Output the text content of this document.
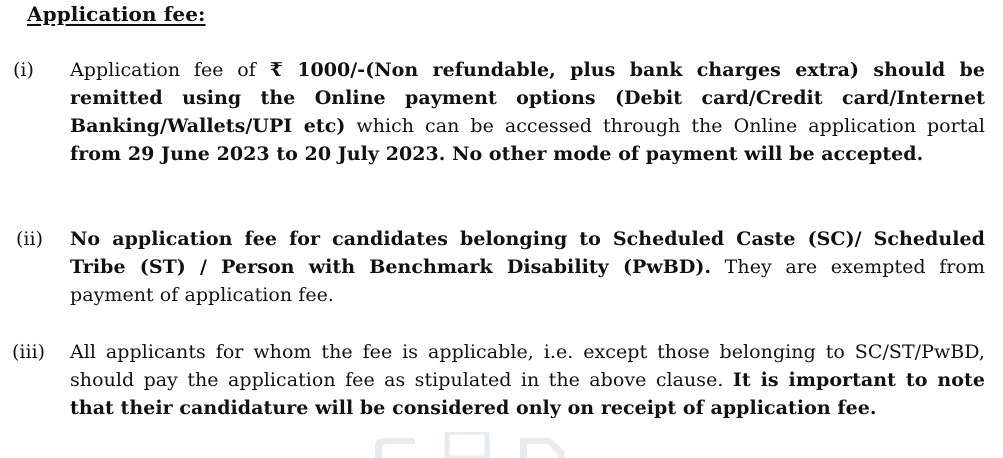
Application fee:
(i) Application fee of ₹ 1000/-(Non refundable, plus bank charges extra) should be remitted using the Online payment options (Debit card/Credit card/Internet Banking/Wallets/UPI etc) which can be accessed through the Online application portal from 29 June 2023 to 20 July 2023. No other mode of payment will be accepted.

(ii) No application fee for candidates belonging to Scheduled Caste (SC)/ Scheduled Tribe (ST) / Person with Benchmark Disability (PwBD). They are exempted from payment of application fee.

(iii) All applicants for whom the fee is applicable, i.e. except those belonging to SC/ST/PwBD, should pay the application fee as stipulated in the above clause. It is important to note that their candidature will be considered only on receipt of application fee.
